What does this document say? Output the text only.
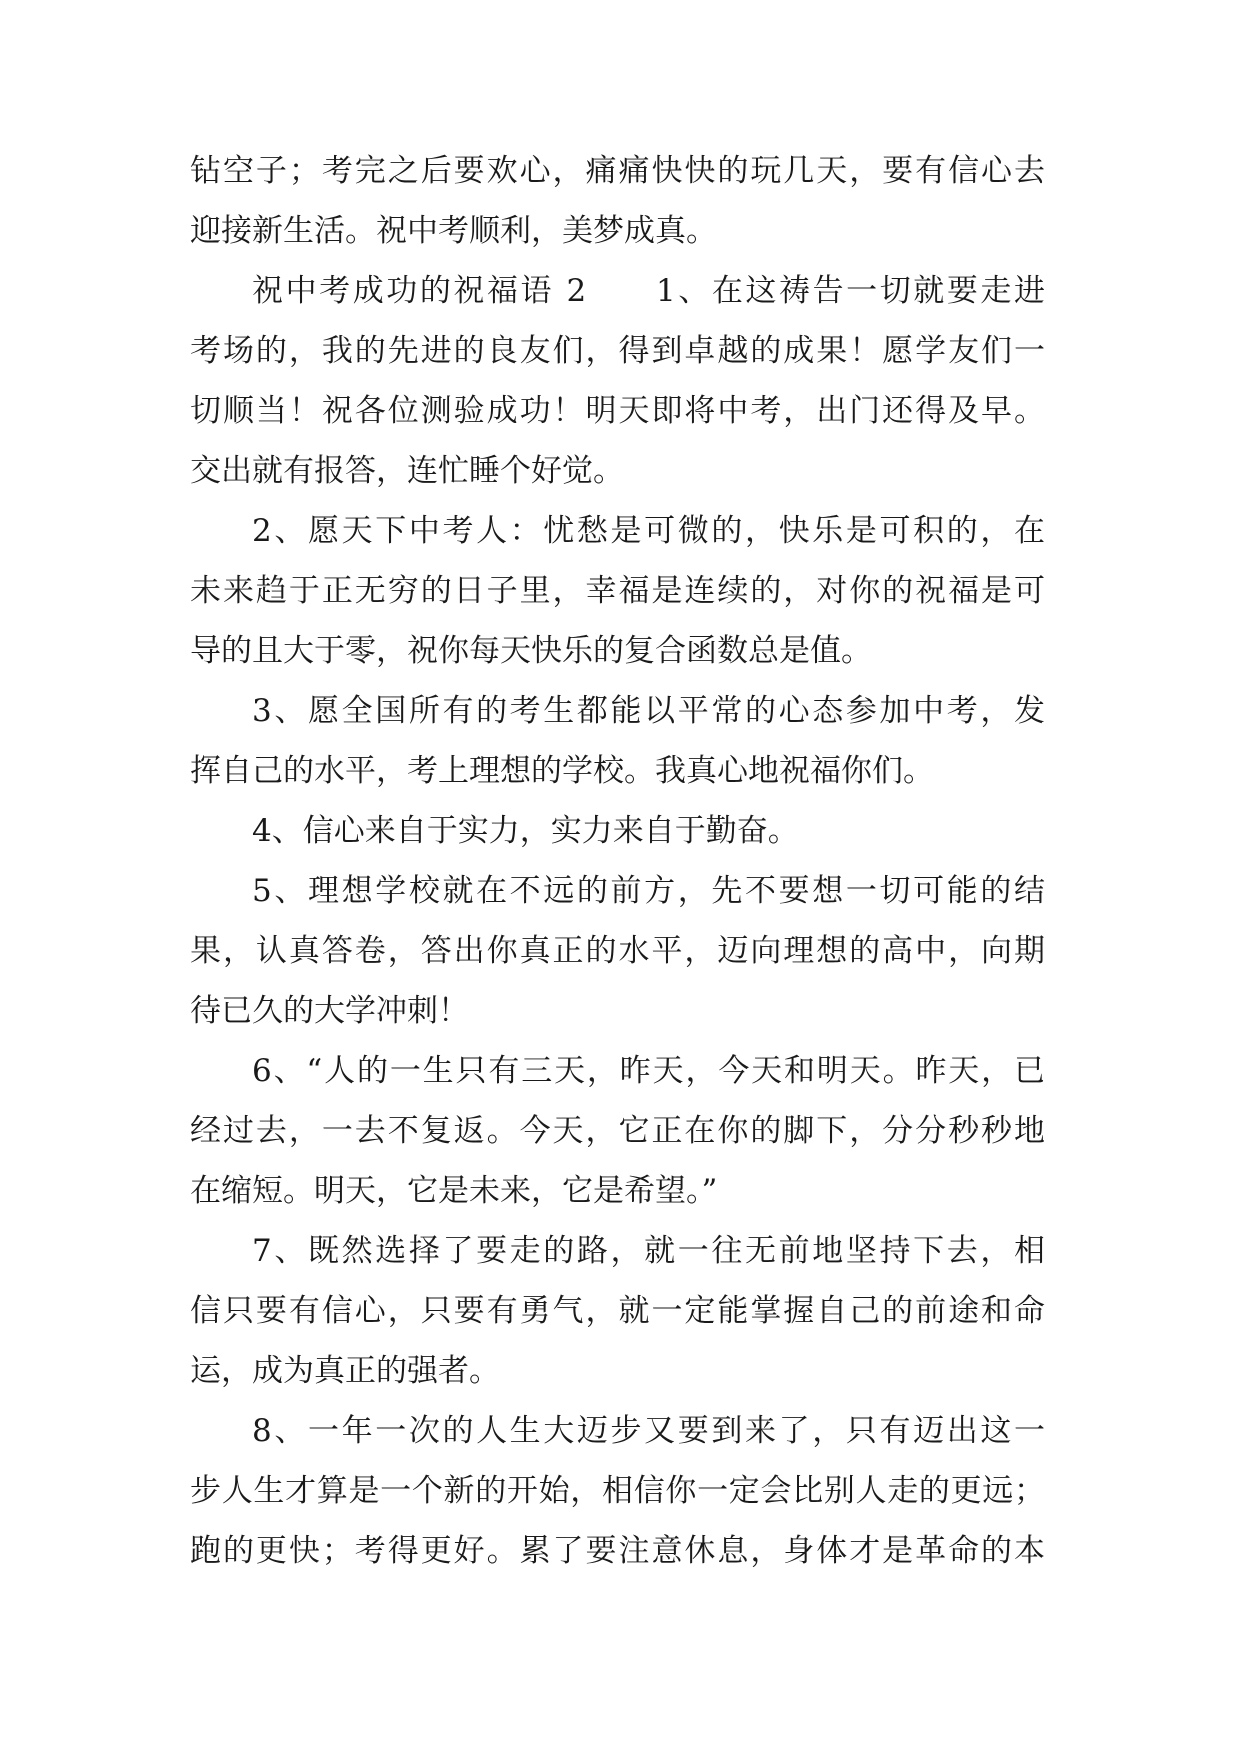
钻空子；考完之后要欢心，痛痛快快的玩几天，要有信心去
迎接新生活。祝中考顺利，美梦成真。
祝中考成功的祝福语 2　　1、在这祷告一切就要走进
考场的，我的先进的良友们，得到卓越的成果！愿学友们一
切顺当！祝各位测验成功！明天即将中考，出门还得及早。
交出就有报答，连忙睡个好觉。
2、愿天下中考人：忧愁是可微的，快乐是可积的，在
未来趋于正无穷的日子里，幸福是连续的，对你的祝福是可
导的且大于零，祝你每天快乐的复合函数总是值。
3、愿全国所有的考生都能以平常的心态参加中考，发
挥自己的水平，考上理想的学校。我真心地祝福你们。
4、信心来自于实力，实力来自于勤奋。
5、理想学校就在不远的前方，先不要想一切可能的结
果，认真答卷，答出你真正的水平，迈向理想的高中，向期
待已久的大学冲刺！
6、“人的一生只有三天，昨天，今天和明天。昨天，已
经过去，一去不复返。今天，它正在你的脚下，分分秒秒地
在缩短。明天，它是未来，它是希望。”
7、既然选择了要走的路，就一往无前地坚持下去，相
信只要有信心，只要有勇气，就一定能掌握自己的前途和命
运，成为真正的强者。
8、一年一次的人生大迈步又要到来了，只有迈出这一
步人生才算是一个新的开始，相信你一定会比别人走的更远；
跑的更快；考得更好。累了要注意休息，身体才是革命的本
